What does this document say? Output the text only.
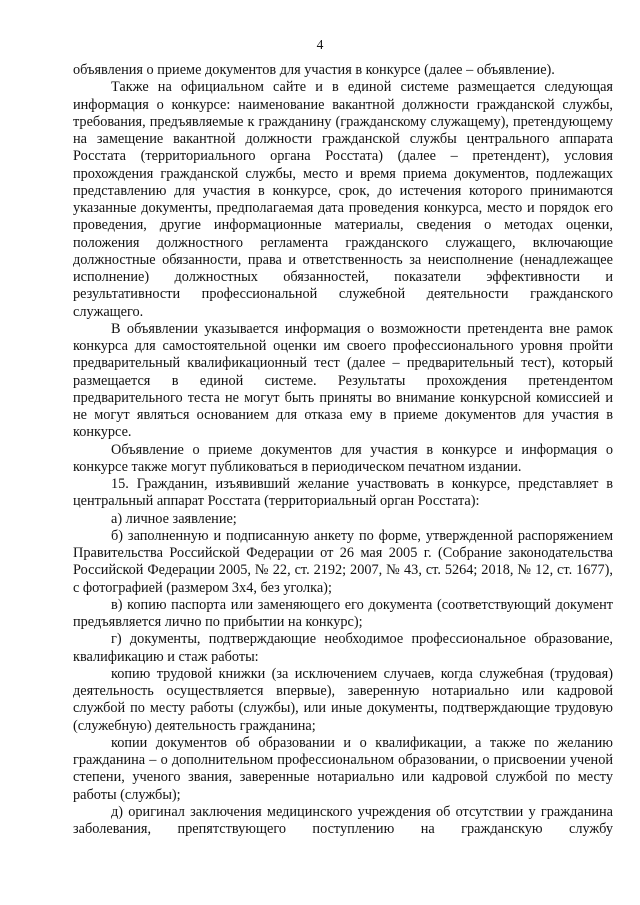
4

объявления о приеме документов для участия в конкурсе (далее – объявление).

Также на официальном сайте и в единой системе размещается следующая информация о конкурсе: наименование вакантной должности гражданской службы, требования, предъявляемые к гражданину (гражданскому служащему), претендующему на замещение вакантной должности гражданской службы центрального аппарата Росстата (территориального органа Росстата) (далее – претендент), условия прохождения гражданской службы, место и время приема документов, подлежащих представлению для участия в конкурсе, срок, до истечения которого принимаются указанные документы, предполагаемая дата проведения конкурса, место и порядок его проведения, другие информационные материалы, сведения о методах оценки, положения должностного регламента гражданского служащего, включающие должностные обязанности, права и ответственность за неисполнение (ненадлежащее исполнение) должностных обязанностей, показатели эффективности и результативности профессиональной служебной деятельности гражданского служащего.

В объявлении указывается информация о возможности претендента вне рамок конкурса для самостоятельной оценки им своего профессионального уровня пройти предварительный квалификационный тест (далее – предварительный тест), который размещается в единой системе. Результаты прохождения претендентом предварительного теста не могут быть приняты во внимание конкурсной комиссией и не могут являться основанием для отказа ему в приеме документов для участия в конкурсе.

Объявление о приеме документов для участия в конкурсе и информация о конкурсе также могут публиковаться в периодическом печатном издании.

15. Гражданин, изъявивший желание участвовать в конкурсе, представляет в центральный аппарат Росстата (территориальный орган Росстата):

а) личное заявление;

б) заполненную и подписанную анкету по форме, утвержденной распоряжением Правительства Российской Федерации от 26 мая 2005 г. (Собрание законодательства Российской Федерации 2005, № 22, ст. 2192; 2007, № 43, ст. 5264; 2018, № 12, ст. 1677), с фотографией (размером 3х4, без уголка);

в) копию паспорта или заменяющего его документа (соответствующий документ предъявляется лично по прибытии на конкурс);

г) документы, подтверждающие необходимое профессиональное образование, квалификацию и стаж работы:

копию трудовой книжки (за исключением случаев, когда служебная (трудовая) деятельность осуществляется впервые), заверенную нотариально или кадровой службой по месту работы (службы), или иные документы, подтверждающие трудовую (служебную) деятельность гражданина;

копии документов об образовании и о квалификации, а также по желанию гражданина – о дополнительном профессиональном образовании, о присвоении ученой степени, ученого звания, заверенные нотариально или кадровой службой по месту работы (службы);

д) оригинал заключения медицинского учреждения об отсутствии у гражданина заболевания, препятствующего поступлению на гражданскую службу
